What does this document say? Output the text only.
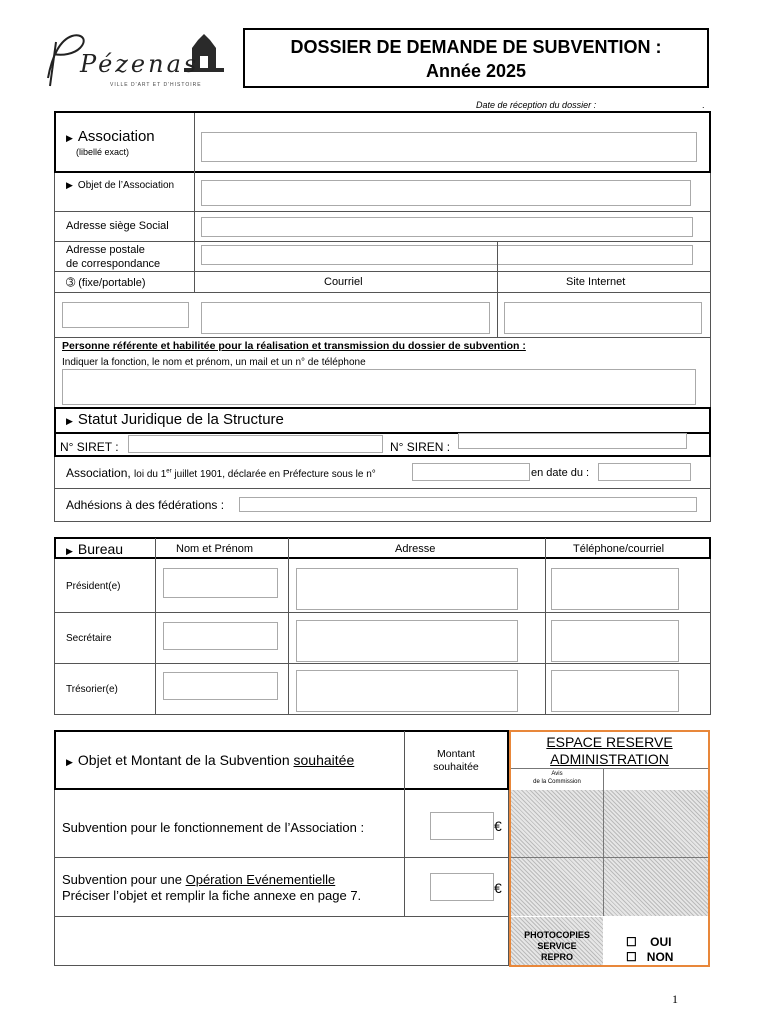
Pézenas
VILLE D'ART ET D'HISTOIRE
DOSSIER DE DEMANDE DE SUBVENTION :
Année 2025
Date de réception du dossier :	.
▶ Association
(libellé exact)
▶ Objet de l’Association
Adresse siège Social
Adresse postale
de correspondance
➂ (fixe/portable)	Courriel	Site Internet
Personne référente et habilitée pour la réalisation et transmission du dossier de subvention :
Indiquer la fonction, le nom et prénom, un mail et un n° de téléphone
▶ Statut Juridique de la Structure
N° SIRET :	N° SIREN :
Association, loi du 1er juillet 1901, déclarée en Préfecture sous le n°	en date du :
Adhésions à des fédérations :
▶ Bureau	Nom et Prénom	Adresse	Téléphone/courriel
Président(e)
Secrétaire
Trésorier(e)
▶ Objet et Montant de la Subvention souhaitée	Montant
souhaitée
Subvention pour le fonctionnement de l’Association :	€
Subvention pour une Opération Evénementielle
Préciser l’objet et remplir la fiche annexe en page 7.	€
ESPACE RESERVE
ADMINISTRATION
Avis
de la Commission
PHOTOCOPIES
SERVICE
REPRO
☐ OUI
☐ NON
1
